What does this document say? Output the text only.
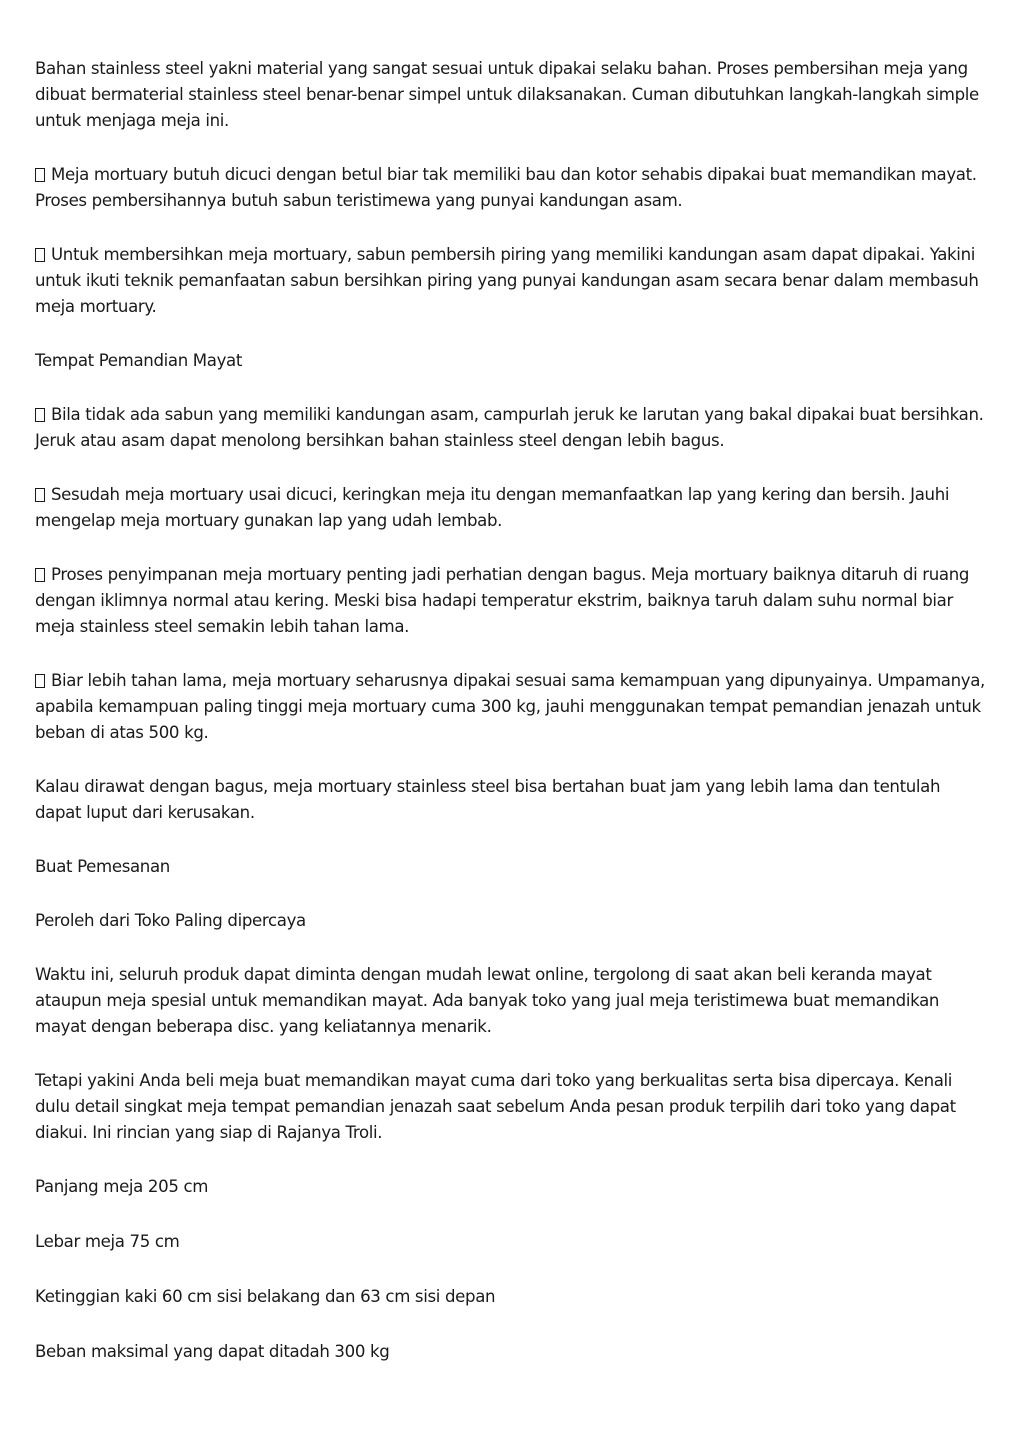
Bahan stainless steel yakni material yang sangat sesuai untuk dipakai selaku bahan. Proses pembersihan meja yang dibuat bermaterial stainless steel benar-benar simpel untuk dilaksanakan. Cuman dibutuhkan langkah-langkah simple untuk menjaga meja ini.

Meja mortuary butuh dicuci dengan betul biar tak memiliki bau dan kotor sehabis dipakai buat memandikan mayat. Proses pembersihannya butuh sabun teristimewa yang punyai kandungan asam.

Untuk membersihkan meja mortuary, sabun pembersih piring yang memiliki kandungan asam dapat dipakai. Yakini untuk ikuti teknik pemanfaatan sabun bersihkan piring yang punyai kandungan asam secara benar dalam membasuh meja mortuary.

Tempat Pemandian Mayat

Bila tidak ada sabun yang memiliki kandungan asam, campurlah jeruk ke larutan yang bakal dipakai buat bersihkan. Jeruk atau asam dapat menolong bersihkan bahan stainless steel dengan lebih bagus.

Sesudah meja mortuary usai dicuci, keringkan meja itu dengan memanfaatkan lap yang kering dan bersih. Jauhi mengelap meja mortuary gunakan lap yang udah lembab.

Proses penyimpanan meja mortuary penting jadi perhatian dengan bagus. Meja mortuary baiknya ditaruh di ruang dengan iklimnya normal atau kering. Meski bisa hadapi temperatur ekstrim, baiknya taruh dalam suhu normal biar meja stainless steel semakin lebih tahan lama.

Biar lebih tahan lama, meja mortuary seharusnya dipakai sesuai sama kemampuan yang dipunyainya. Umpamanya, apabila kemampuan paling tinggi meja mortuary cuma 300 kg, jauhi menggunakan tempat pemandian jenazah untuk beban di atas 500 kg.

Kalau dirawat dengan bagus, meja mortuary stainless steel bisa bertahan buat jam yang lebih lama dan tentulah dapat luput dari kerusakan.

Buat Pemesanan

Peroleh dari Toko Paling dipercaya

Waktu ini, seluruh produk dapat diminta dengan mudah lewat online, tergolong di saat akan beli keranda mayat ataupun meja spesial untuk memandikan mayat. Ada banyak toko yang jual meja teristimewa buat memandikan mayat dengan beberapa disc. yang keliatannya menarik.

Tetapi yakini Anda beli meja buat memandikan mayat cuma dari toko yang berkualitas serta bisa dipercaya. Kenali dulu detail singkat meja tempat pemandian jenazah saat sebelum Anda pesan produk terpilih dari toko yang dapat diakui. Ini rincian yang siap di Rajanya Troli.

Panjang meja 205 cm

Lebar meja 75 cm

Ketinggian kaki 60 cm sisi belakang dan 63 cm sisi depan

Beban maksimal yang dapat ditadah 300 kg
